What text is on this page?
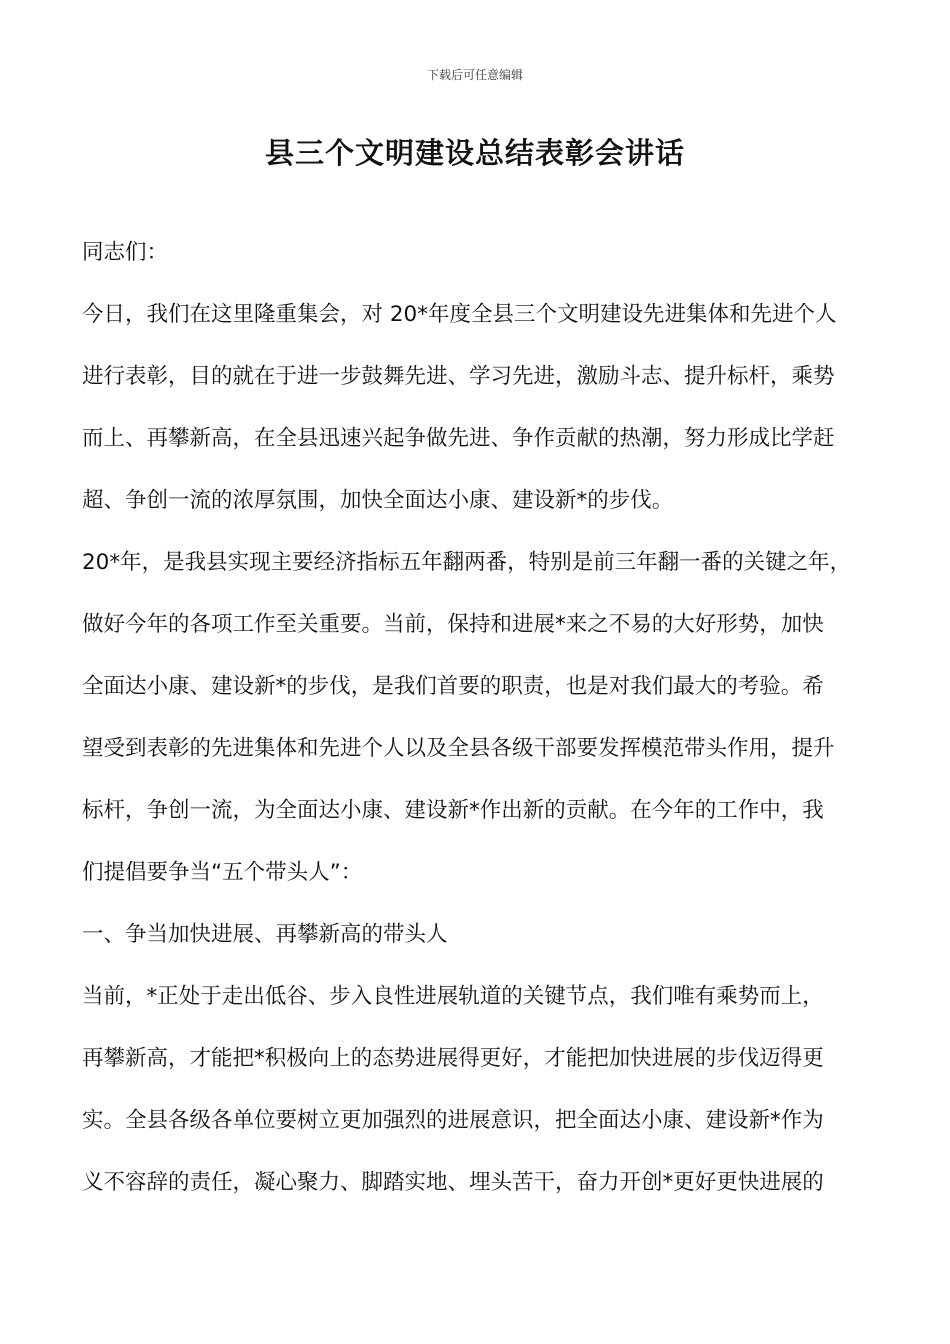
下载后可任意编辑
县三个文明建设总结表彰会讲话

同志们：

今日，我们在这里隆重集会，对 20*年度全县三个文明建设先进集体和先进个人

进行表彰，目的就在于进一步鼓舞先进、学习先进，激励斗志、提升标杆，乘势

而上、再攀新高，在全县迅速兴起争做先进、争作贡献的热潮，努力形成比学赶

超、争创一流的浓厚氛围，加快全面达小康、建设新*的步伐。

20*年，是我县实现主要经济指标五年翻两番，特别是前三年翻一番的关键之年，

做好今年的各项工作至关重要。当前，保持和进展*来之不易的大好形势，加快

全面达小康、建设新*的步伐，是我们首要的职责，也是对我们最大的考验。希

望受到表彰的先进集体和先进个人以及全县各级干部要发挥模范带头作用，提升

标杆，争创一流，为全面达小康、建设新*作出新的贡献。在今年的工作中，我

们提倡要争当“五个带头人”：

一、争当加快进展、再攀新高的带头人

当前，*正处于走出低谷、步入良性进展轨道的关键节点，我们唯有乘势而上，

再攀新高，才能把*积极向上的态势进展得更好，才能把加快进展的步伐迈得更

实。全县各级各单位要树立更加强烈的进展意识，把全面达小康、建设新*作为

义不容辞的责任，凝心聚力、脚踏实地、埋头苦干，奋力开创*更好更快进展的
